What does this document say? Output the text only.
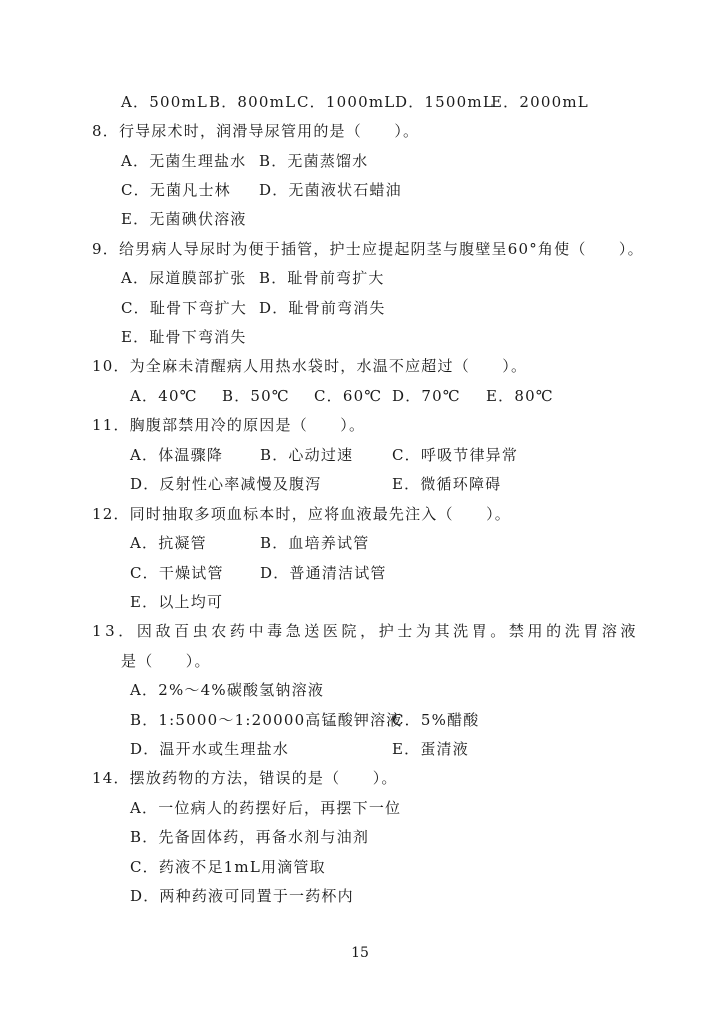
A．500mL B．800mL C．1000mL D．1500mL
E．2000mL
8．行导尿术时，润滑导尿管用的是（　　）。
A．无菌生理盐水 B．无菌蒸馏水
C．无菌凡士林 D．无菌液状石蜡油
E．无菌碘伏溶液
9．给男病人导尿时为便于插管，护士应提起阴茎与腹壁呈60°角使（　　）。
A．尿道膜部扩张 B．耻骨前弯扩大
C．耻骨下弯扩大 D．耻骨前弯消失
E．耻骨下弯消失
10．为全麻未清醒病人用热水袋时，水温不应超过（　　）。
A．40℃ B．50℃ C．60℃ D．70℃ E．80℃
11．胸腹部禁用冷的原因是（　　）。
A．体温骤降 B．心动过速	C．呼吸节律异常
D．反射性心率减慢及腹泻	E．微循环障碍
12．同时抽取多项血标本时，应将血液最先注入（　　）。
A．抗凝管	B．血培养试管
C．干燥试管 D．普通清洁试管
E．以上均可
13．因敌百虫农药中毒急送医院，护士为其洗胃。禁用的洗胃溶液
是（　　）。
A．2%～4%碳酸氢钠溶液
B．1:5000～1:20000高锰酸钾溶液
C．5%醋酸
D．温开水或生理盐水	E．蛋清液
14．摆放药物的方法，错误的是（　　）。
A．一位病人的药摆好后，再摆下一位
B．先备固体药，再备水剂与油剂
C．药液不足1mL用滴管取
D．两种药液可同置于一药杯内
15
